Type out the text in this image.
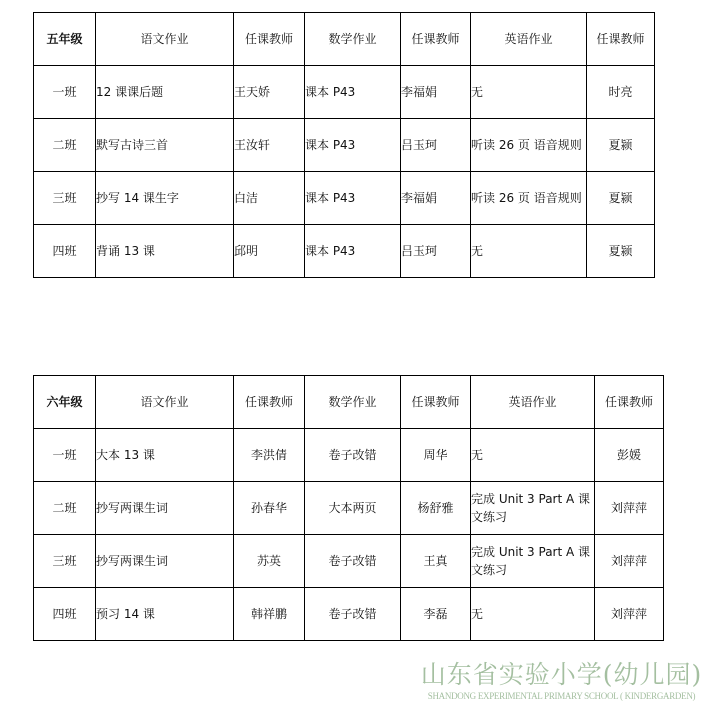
五年级	语文作业	任课教师	数学作业	任课教师	英语作业	任课教师
一班	12 课课后题	王天娇	课本 P43	李福娟	无	时亮
二班	默写古诗三首	王汝轩	课本 P43	吕玉珂	听读 26 页 语音规则	夏颍
三班	抄写 14 课生字	白洁	课本 P43	李福娟	听读 26 页 语音规则	夏颍
四班	背诵 13 课	邱明	课本 P43	吕玉珂	无	夏颍
六年级	语文作业	任课教师	数学作业	任课教师	英语作业	任课教师
一班	大本 13 课	李洪倩	卷子改错	周华	无	彭媛
二班	抄写两课生词	孙春华	大本两页	杨舒雅	完成 Unit 3 Part A 课文练习	刘萍萍
三班	抄写两课生词	苏英	卷子改错	王真	完成 Unit 3 Part A 课文练习	刘萍萍
四班	预习 14 课	韩祥鹏	卷子改错	李磊	无	刘萍萍
山东省实验小学(幼儿园)
SHANDONG EXPERIMENTAL PRIMARY SCHOOL ( KINDERGARDEN)
